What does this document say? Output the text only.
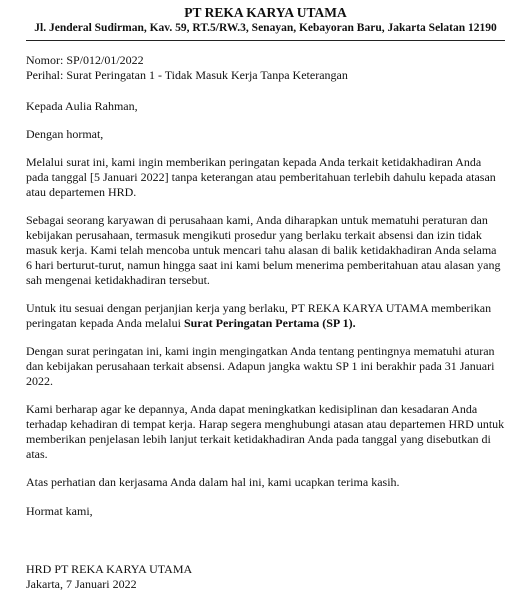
PT REKA KARYA UTAMA
Jl. Jenderal Sudirman, Kav. 59, RT.5/RW.3, Senayan, Kebayoran Baru, Jakarta Selatan 12190
Nomor: SP/012/01/2022
Perihal: Surat Peringatan 1 - Tidak Masuk Kerja Tanpa Keterangan

Kepada Aulia Rahman,

Dengan hormat,

Melalui surat ini, kami ingin memberikan peringatan kepada Anda terkait ketidakhadiran Anda pada tanggal [5 Januari 2022] tanpa keterangan atau pemberitahuan terlebih dahulu kepada atasan atau departemen HRD.

Sebagai seorang karyawan di perusahaan kami, Anda diharapkan untuk mematuhi peraturan dan kebijakan perusahaan, termasuk mengikuti prosedur yang berlaku terkait absensi dan izin tidak masuk kerja. Kami telah mencoba untuk mencari tahu alasan di balik ketidakhadiran Anda selama 6 hari berturut-turut, namun hingga saat ini kami belum menerima pemberitahuan atau alasan yang sah mengenai ketidakhadiran tersebut.

Untuk itu sesuai dengan perjanjian kerja yang berlaku, PT REKA KARYA UTAMA memberikan peringatan kepada Anda melalui Surat Peringatan Pertama (SP 1).

Dengan surat peringatan ini, kami ingin mengingatkan Anda tentang pentingnya mematuhi aturan dan kebijakan perusahaan terkait absensi. Adapun jangka waktu SP 1 ini berakhir pada 31 Januari 2022.

Kami berharap agar ke depannya, Anda dapat meningkatkan kedisiplinan dan kesadaran Anda terhadap kehadiran di tempat kerja. Harap segera menghubungi atasan atau departemen HRD untuk memberikan penjelasan lebih lanjut terkait ketidakhadiran Anda pada tanggal yang disebutkan di atas.

Atas perhatian dan kerjasama Anda dalam hal ini, kami ucapkan terima kasih.

Hormat kami,

HRD PT REKA KARYA UTAMA
Jakarta, 7 Januari 2022
